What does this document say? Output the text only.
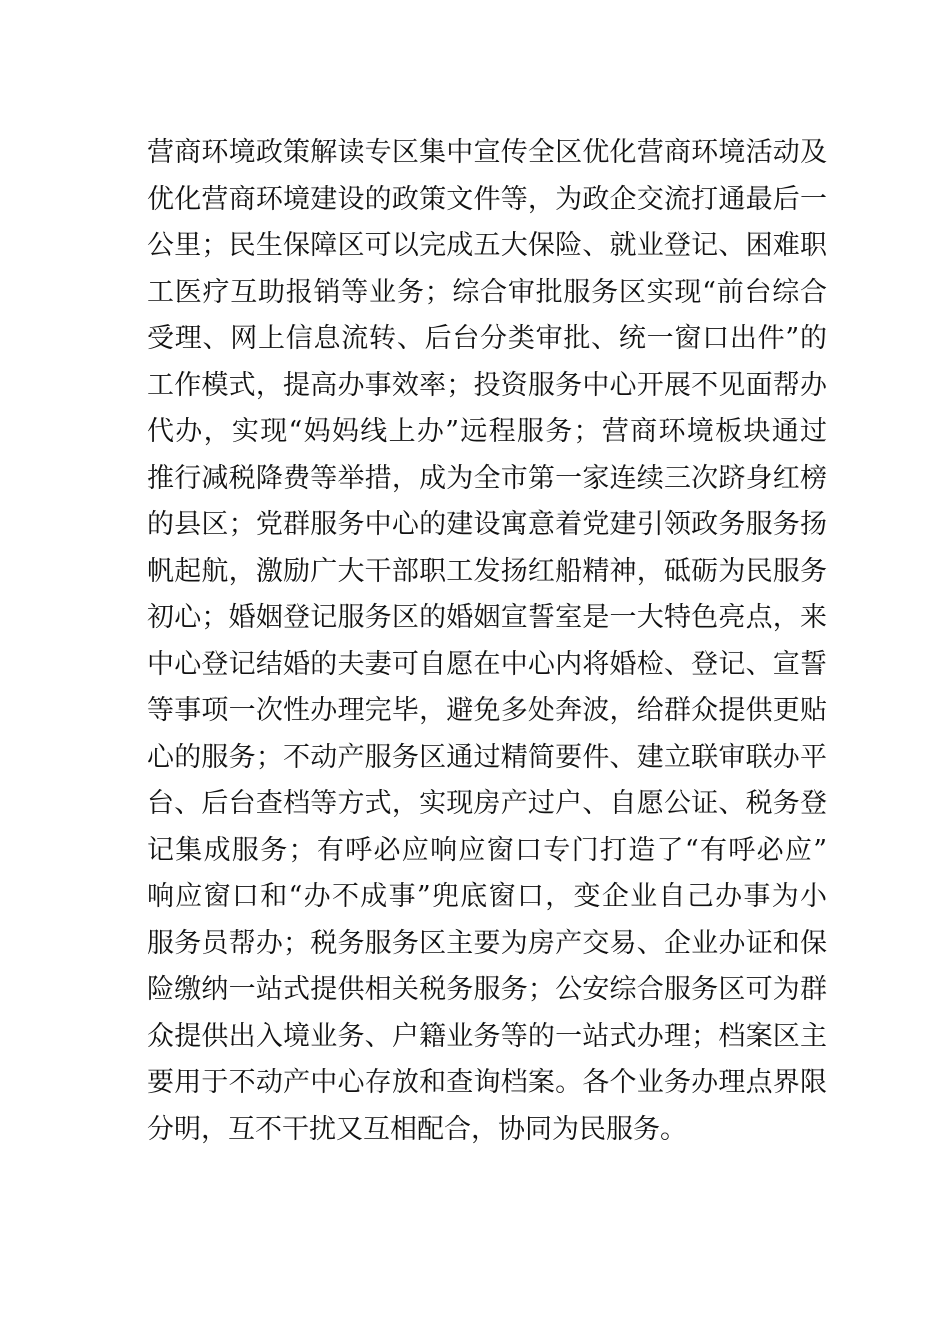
营商环境政策解读专区集中宣传全区优化营商环境活动及
优化营商环境建设的政策文件等，为政企交流打通最后一
公里；民生保障区可以完成五大保险、就业登记、困难职
工医疗互助报销等业务；综合审批服务区实现“前台综合
受理、网上信息流转、后台分类审批、统一窗口出件”的
工作模式，提高办事效率；投资服务中心开展不见面帮办
代办，实现“妈妈线上办”远程服务；营商环境板块通过
推行减税降费等举措，成为全市第一家连续三次跻身红榜
的县区；党群服务中心的建设寓意着党建引领政务服务扬
帆起航，激励广大干部职工发扬红船精神，砥砺为民服务
初心；婚姻登记服务区的婚姻宣誓室是一大特色亮点，来
中心登记结婚的夫妻可自愿在中心内将婚检、登记、宣誓
等事项一次性办理完毕，避免多处奔波，给群众提供更贴
心的服务；不动产服务区通过精简要件、建立联审联办平
台、后台查档等方式，实现房产过户、自愿公证、税务登
记集成服务；有呼必应响应窗口专门打造了“有呼必应”
响应窗口和“办不成事”兜底窗口，变企业自己办事为小
服务员帮办；税务服务区主要为房产交易、企业办证和保
险缴纳一站式提供相关税务服务；公安综合服务区可为群
众提供出入境业务、户籍业务等的一站式办理；档案区主
要用于不动产中心存放和查询档案。各个业务办理点界限
分明，互不干扰又互相配合，协同为民服务。
